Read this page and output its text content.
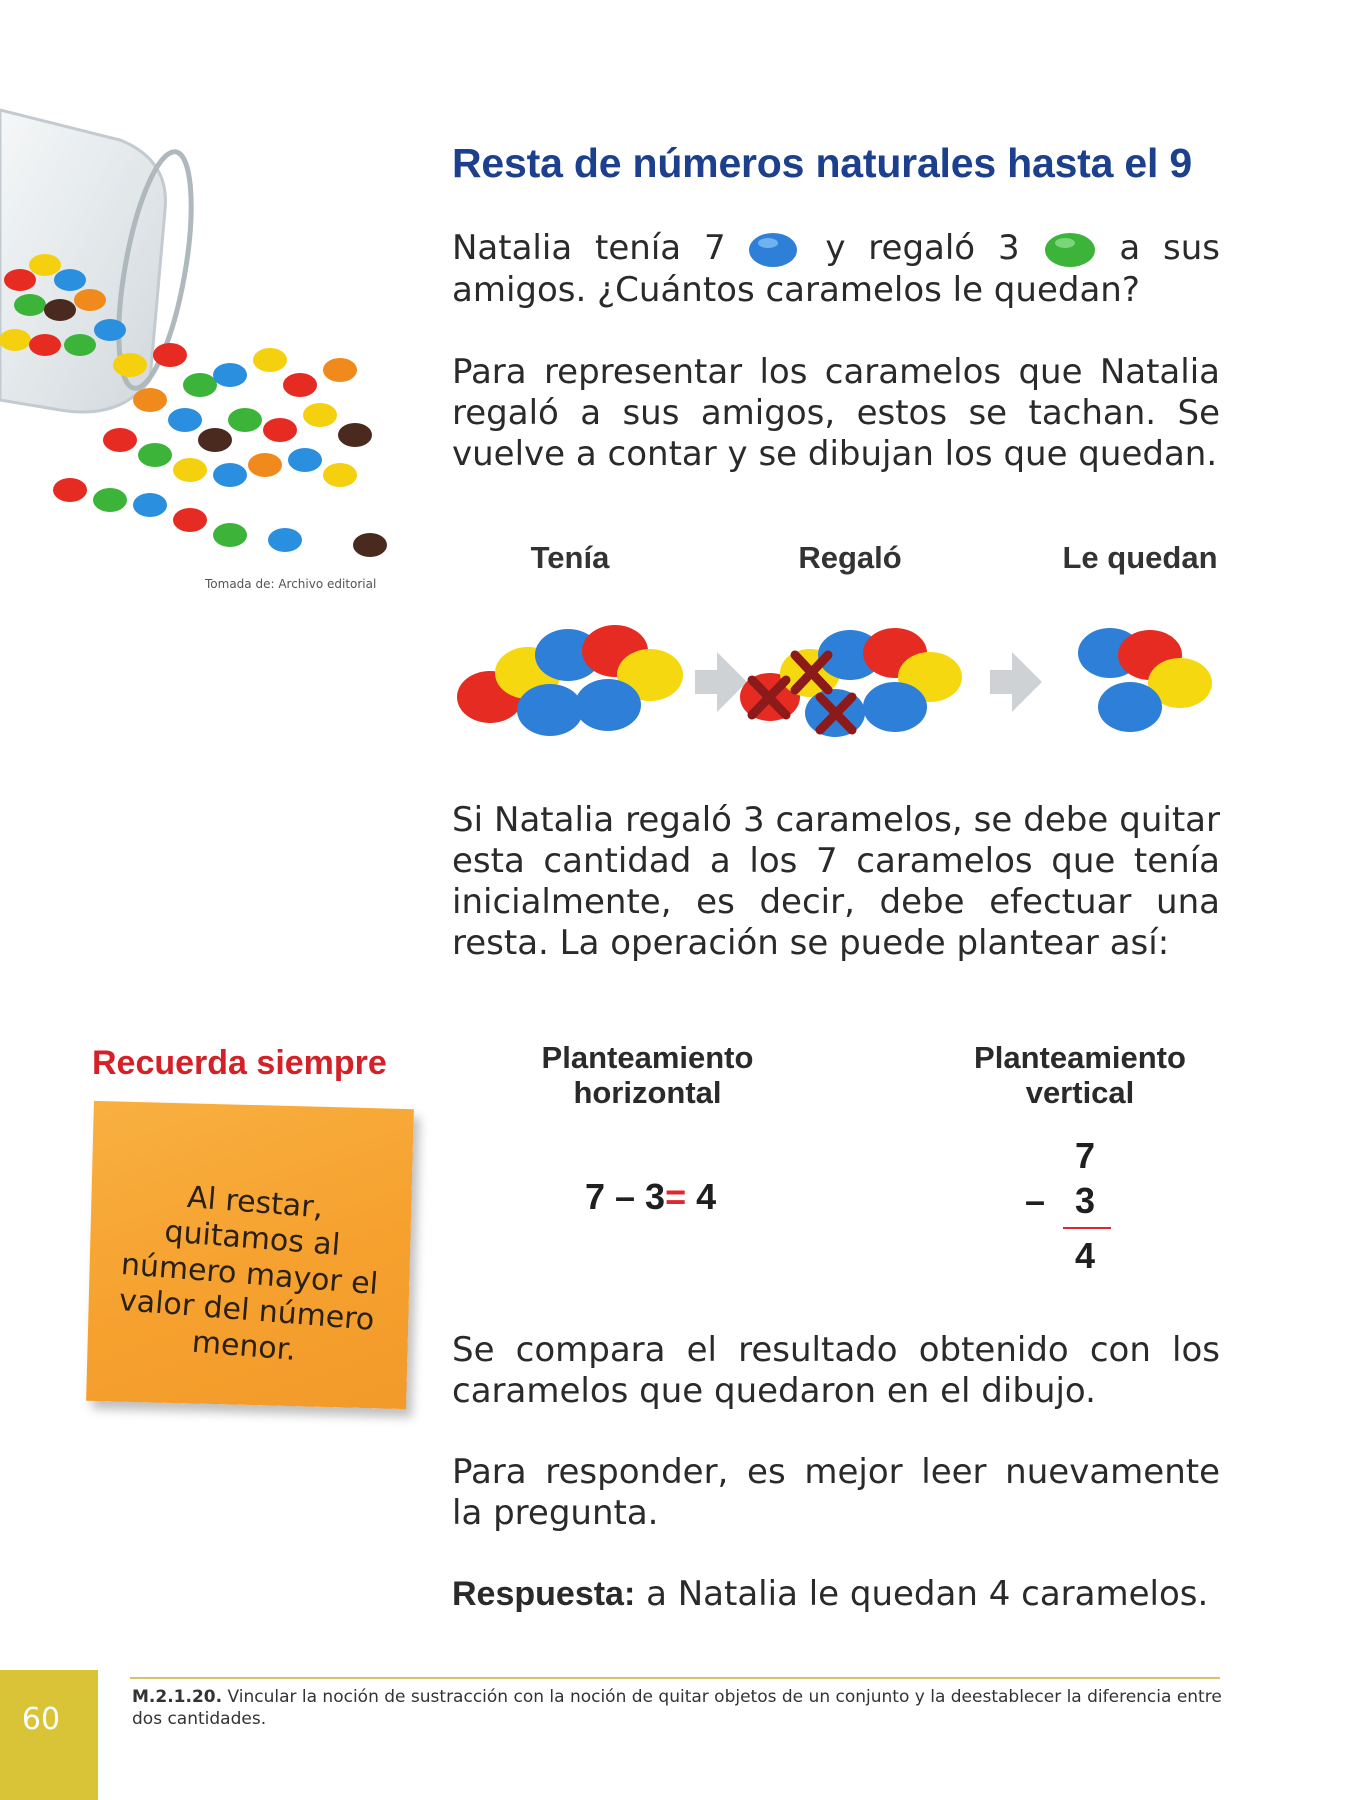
Tomada de: Archivo editorial
Resta de números naturales hasta el 9
Natalia tenía 7	y regaló 3	a sus amigos. ¿Cuántos caramelos le quedan?
Para representar los caramelos que Natalia regaló a sus amigos, estos se tachan. Se vuelve a contar y se dibujan los que quedan.
Tenía	Regaló	Le quedan
Si Natalia regaló 3 caramelos, se debe quitar esta cantidad a los 7 caramelos que tenía inicialmente, es decir, debe efectuar una resta. La operación se puede plantear así:
Recuerda siempre
Al restar, quitamos al número mayor el valor del número menor.
Planteamiento
horizontal
Planteamiento
vertical
7 – 3= 4
7
– 3
4
Se compara el resultado obtenido con los caramelos que quedaron en el dibujo.
Para responder, es mejor leer nuevamente la pregunta.
Respuesta: a Natalia le quedan 4 caramelos.
M.2.1.20. Vincular la noción de sustracción con la noción de quitar objetos de un conjunto y la deestablecer la diferencia entre dos cantidades.
60
